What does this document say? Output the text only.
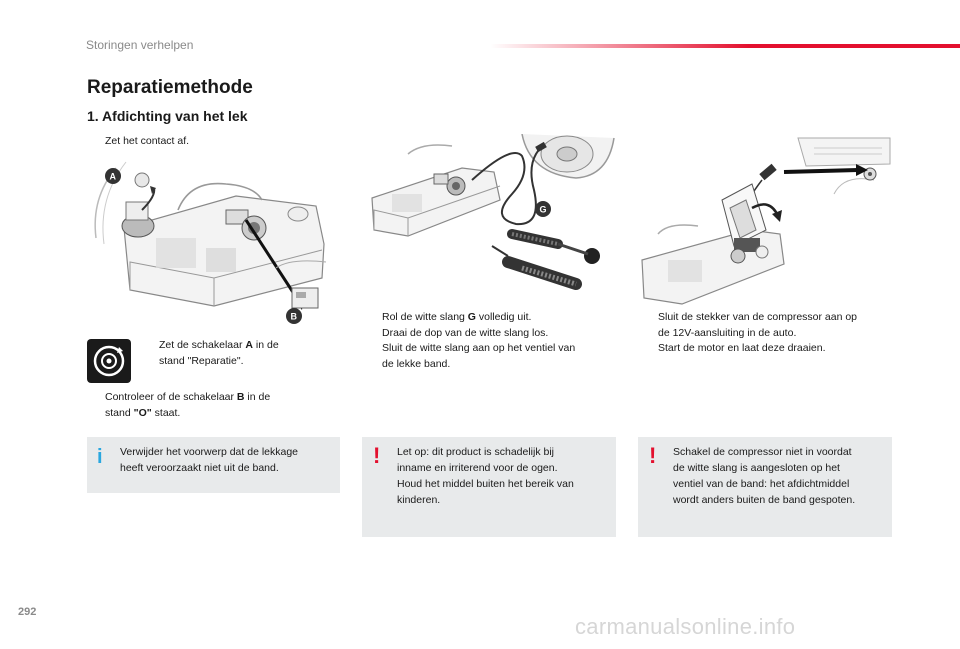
Storingen verhelpen
Reparatiemethode
1. Afdichting van het lek
Zet het contact af.
A
B
Zet de schakelaar A in de
stand "Reparatie".
Controleer of de schakelaar B in de
stand "O" staat.
i Verwijder het voorwerp dat de lekkage
heeft veroorzaakt niet uit de band.
G
Rol de witte slang G volledig uit.
Draai de dop van de witte slang los.
Sluit de witte slang aan op het ventiel van
de lekke band.
! Let op: dit product is schadelijk bij
inname en irriterend voor de ogen.
Houd het middel buiten het bereik van
kinderen.
Sluit de stekker van de compressor aan op
de 12V-aansluiting in de auto.
Start de motor en laat deze draaien.
! Schakel de compressor niet in voordat
de witte slang is aangesloten op het
ventiel van de band: het afdichtmiddel
wordt anders buiten de band gespoten.
292
carmanualsonline.info
